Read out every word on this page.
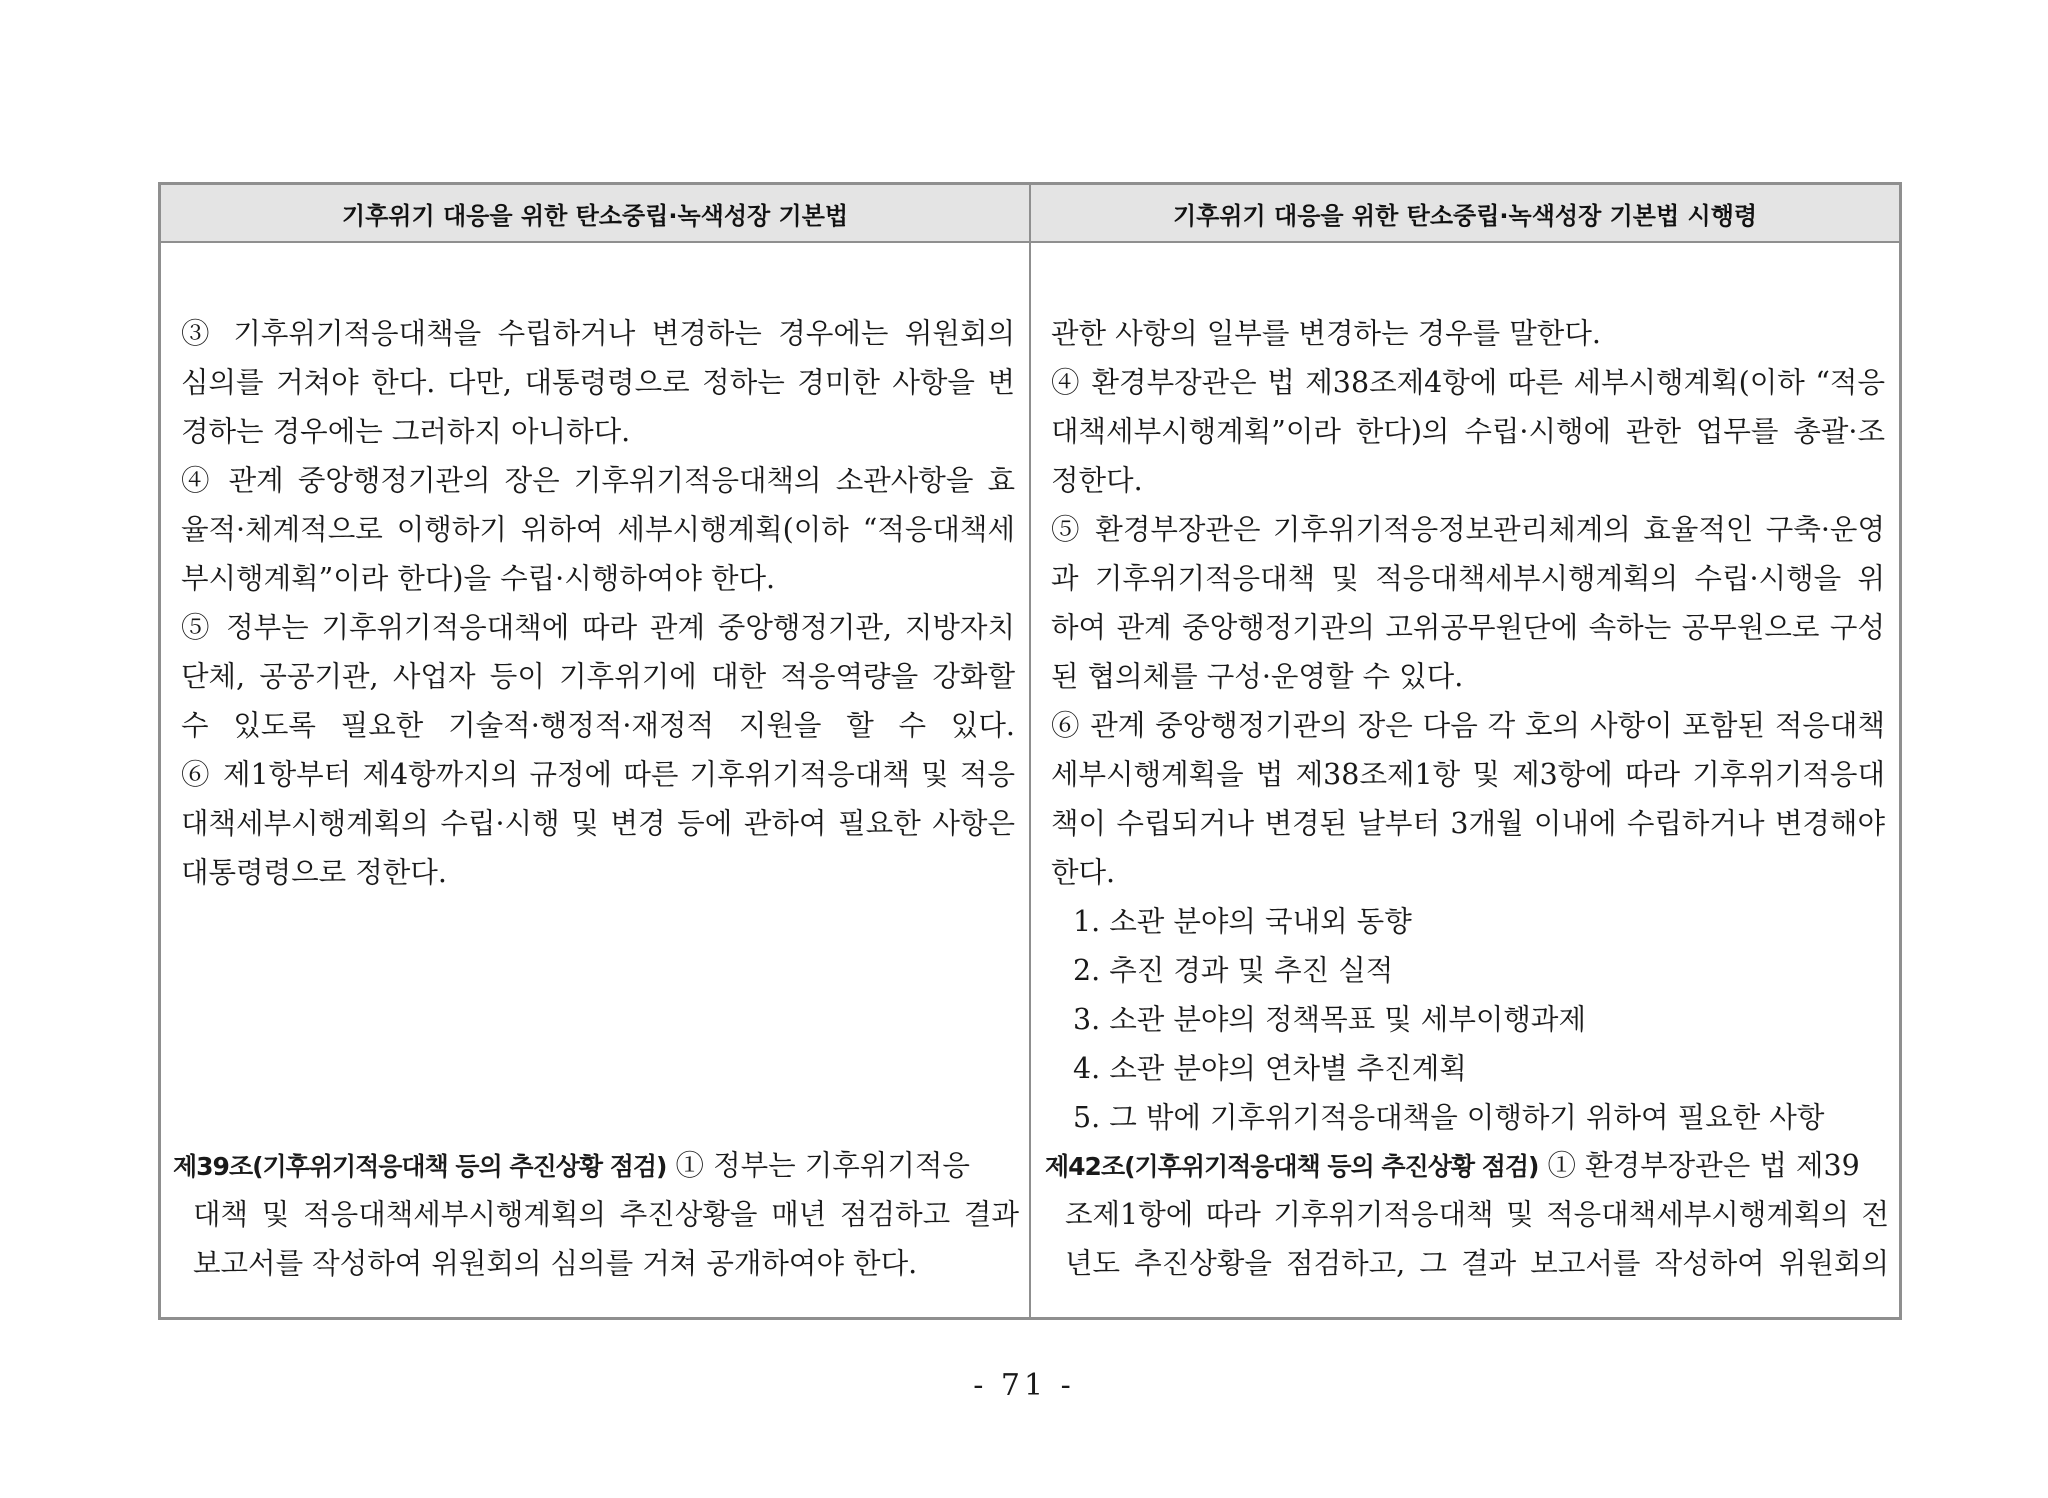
기후위기 대응을 위한 탄소중립·녹색성장 기본법	기후위기 대응을 위한 탄소중립·녹색성장 기본법 시행령
③ 기후위기적응대책을 수립하거나 변경하는 경우에는 위원회의
심의를 거쳐야 한다. 다만, 대통령령으로 정하는 경미한 사항을 변
경하는 경우에는 그러하지 아니하다.
④ 관계 중앙행정기관의 장은 기후위기적응대책의 소관사항을 효
율적·체계적으로 이행하기 위하여 세부시행계획(이하 “적응대책세
부시행계획”이라 한다)을 수립·시행하여야 한다.
⑤ 정부는 기후위기적응대책에 따라 관계 중앙행정기관, 지방자치
단체, 공공기관, 사업자 등이 기후위기에 대한 적응역량을 강화할
수 있도록 필요한 기술적·행정적·재정적 지원을 할 수 있다.
⑥ 제1항부터 제4항까지의 규정에 따른 기후위기적응대책 및 적응
대책세부시행계획의 수립·시행 및 변경 등에 관하여 필요한 사항은
대통령령으로 정한다.
제39조(기후위기적응대책 등의 추진상황 점검) ① 정부는 기후위기적응
대책 및 적응대책세부시행계획의 추진상황을 매년 점검하고 결과
보고서를 작성하여 위원회의 심의를 거쳐 공개하여야 한다.
관한 사항의 일부를 변경하는 경우를 말한다.
④ 환경부장관은 법 제38조제4항에 따른 세부시행계획(이하 “적응
대책세부시행계획”이라 한다)의 수립·시행에 관한 업무를 총괄·조
정한다.
⑤ 환경부장관은 기후위기적응정보관리체계의 효율적인 구축·운영
과 기후위기적응대책 및 적응대책세부시행계획의 수립·시행을 위
하여 관계 중앙행정기관의 고위공무원단에 속하는 공무원으로 구성
된 협의체를 구성·운영할 수 있다.
⑥ 관계 중앙행정기관의 장은 다음 각 호의 사항이 포함된 적응대책
세부시행계획을 법 제38조제1항 및 제3항에 따라 기후위기적응대
책이 수립되거나 변경된 날부터 3개월 이내에 수립하거나 변경해야
한다.
1. 소관 분야의 국내외 동향
2. 추진 경과 및 추진 실적
3. 소관 분야의 정책목표 및 세부이행과제
4. 소관 분야의 연차별 추진계획
5. 그 밖에 기후위기적응대책을 이행하기 위하여 필요한 사항
제42조(기후위기적응대책 등의 추진상황 점검) ① 환경부장관은 법 제39
조제1항에 따라 기후위기적응대책 및 적응대책세부시행계획의 전
년도 추진상황을 점검하고, 그 결과 보고서를 작성하여 위원회의
- 71 -
